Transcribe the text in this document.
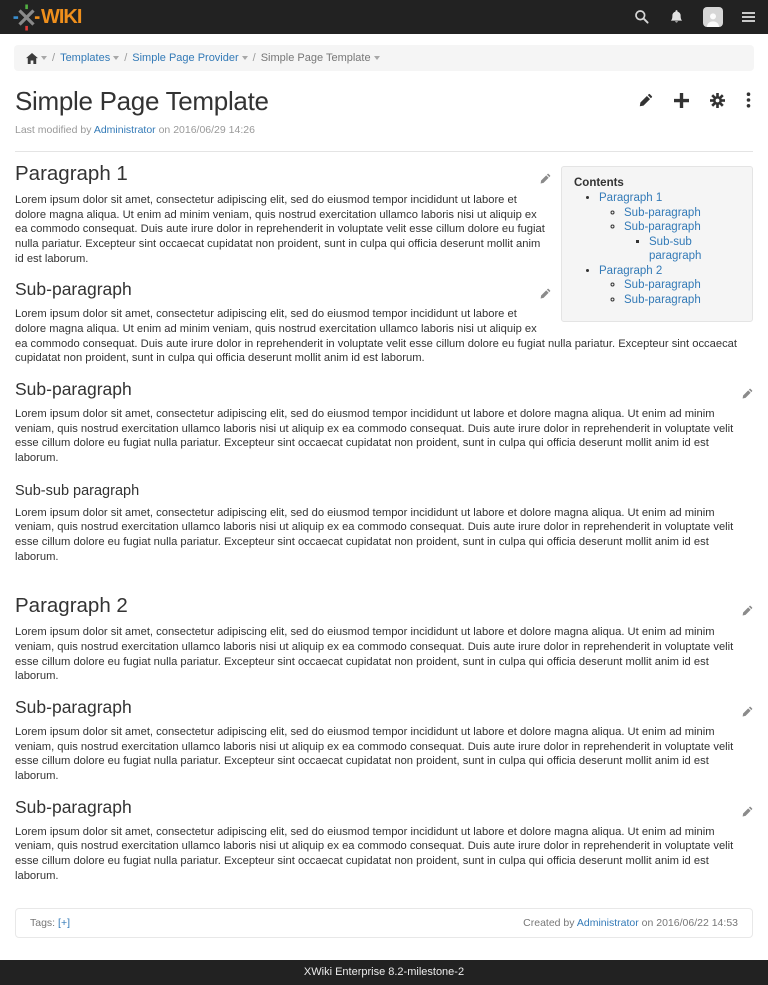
WIKI
/ Templates	/ Simple Page Provider	/ Simple Page Template
Simple Page Template
Last modified by Administrator on 2016/06/29 14:26
Contents
• Paragraph 1
◦ Sub-paragraph
◦ Sub-paragraph
▪ Sub-sub paragraph
• Paragraph 2
◦ Sub-paragraph
◦ Sub-paragraph
Paragraph 1

Lorem ipsum dolor sit amet, consectetur adipiscing elit, sed do eiusmod tempor incididunt ut labore et dolore magna aliqua. Ut enim ad minim veniam, quis nostrud exercitation ullamco laboris nisi ut aliquip ex ea commodo consequat. Duis aute irure dolor in reprehenderit in voluptate velit esse cillum dolore eu fugiat nulla pariatur. Excepteur sint occaecat cupidatat non proident, sunt in culpa qui officia deserunt mollit anim id est laborum.

Sub-paragraph

Lorem ipsum dolor sit amet, consectetur adipiscing elit, sed do eiusmod tempor incididunt ut labore et dolore magna aliqua. Ut enim ad minim veniam, quis nostrud exercitation ullamco laboris nisi ut aliquip ex ea commodo consequat. Duis aute irure dolor in reprehenderit in voluptate velit esse cillum dolore eu fugiat nulla pariatur. Excepteur sint occaecat cupidatat non proident, sunt in culpa qui officia deserunt mollit anim id est laborum.

Sub-paragraph

Lorem ipsum dolor sit amet, consectetur adipiscing elit, sed do eiusmod tempor incididunt ut labore et dolore magna aliqua. Ut enim ad minim veniam, quis nostrud exercitation ullamco laboris nisi ut aliquip ex ea commodo consequat. Duis aute irure dolor in reprehenderit in voluptate velit esse cillum dolore eu fugiat nulla pariatur. Excepteur sint occaecat cupidatat non proident, sunt in culpa qui officia deserunt mollit anim id est laborum.

Sub-sub paragraph

Lorem ipsum dolor sit amet, consectetur adipiscing elit, sed do eiusmod tempor incididunt ut labore et dolore magna aliqua. Ut enim ad minim veniam, quis nostrud exercitation ullamco laboris nisi ut aliquip ex ea commodo consequat. Duis aute irure dolor in reprehenderit in voluptate velit esse cillum dolore eu fugiat nulla pariatur. Excepteur sint occaecat cupidatat non proident, sunt in culpa qui officia deserunt mollit anim id est laborum.

Paragraph 2

Lorem ipsum dolor sit amet, consectetur adipiscing elit, sed do eiusmod tempor incididunt ut labore et dolore magna aliqua. Ut enim ad minim veniam, quis nostrud exercitation ullamco laboris nisi ut aliquip ex ea commodo consequat. Duis aute irure dolor in reprehenderit in voluptate velit esse cillum dolore eu fugiat nulla pariatur. Excepteur sint occaecat cupidatat non proident, sunt in culpa qui officia deserunt mollit anim id est laborum.

Sub-paragraph

Lorem ipsum dolor sit amet, consectetur adipiscing elit, sed do eiusmod tempor incididunt ut labore et dolore magna aliqua. Ut enim ad minim veniam, quis nostrud exercitation ullamco laboris nisi ut aliquip ex ea commodo consequat. Duis aute irure dolor in reprehenderit in voluptate velit esse cillum dolore eu fugiat nulla pariatur. Excepteur sint occaecat cupidatat non proident, sunt in culpa qui officia deserunt mollit anim id est laborum.

Sub-paragraph

Lorem ipsum dolor sit amet, consectetur adipiscing elit, sed do eiusmod tempor incididunt ut labore et dolore magna aliqua. Ut enim ad minim veniam, quis nostrud exercitation ullamco laboris nisi ut aliquip ex ea commodo consequat. Duis aute irure dolor in reprehenderit in voluptate velit esse cillum dolore eu fugiat nulla pariatur. Excepteur sint occaecat cupidatat non proident, sunt in culpa qui officia deserunt mollit anim id est laborum.

Tags: [+]	Created by Administrator on 2016/06/22 14:53
XWiki Enterprise 8.2-milestone-2
